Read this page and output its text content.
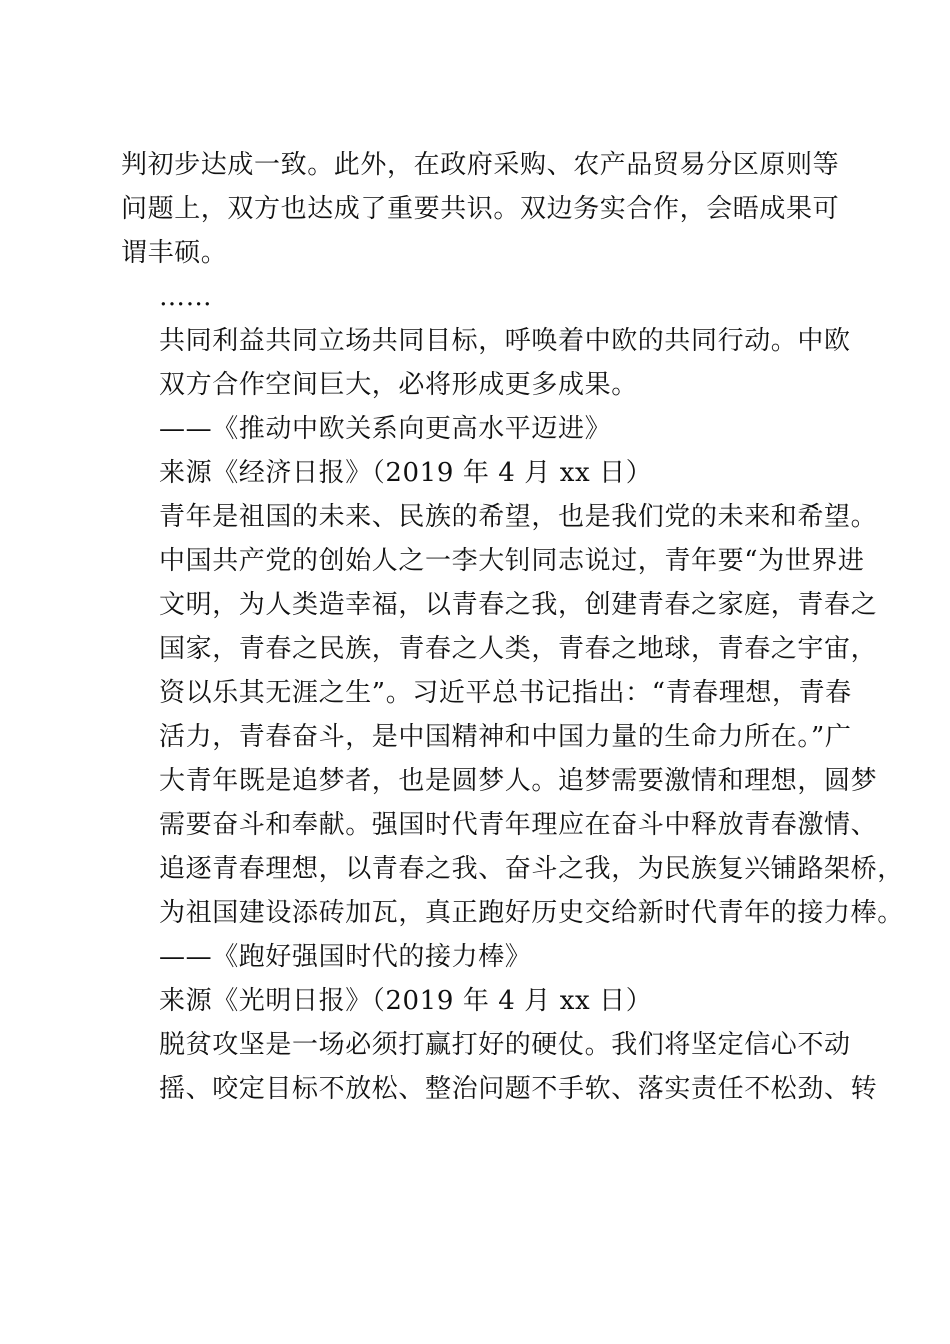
判初步达成一致。此外，在政府采购、农产品贸易分区原则等
问题上，双方也达成了重要共识。双边务实合作，会晤成果可
谓丰硕。

……

共同利益共同立场共同目标，呼唤着中欧的共同行动。中欧
双方合作空间巨大，必将形成更多成果。

——《推动中欧关系向更高水平迈进》

来源《经济日报》（2019 年 4 月 xx 日）

青年是祖国的未来、民族的希望，也是我们党的未来和希望。
中国共产党的创始人之一李大钊同志说过，青年要“为世界进
文明，为人类造幸福，以青春之我，创建青春之家庭，青春之
国家，青春之民族，青春之人类，青春之地球，青春之宇宙，
资以乐其无涯之生”。习近平总书记指出：“青春理想，青春
活力，青春奋斗，是中国精神和中国力量的生命力所在。”广
大青年既是追梦者，也是圆梦人。追梦需要激情和理想，圆梦
需要奋斗和奉献。强国时代青年理应在奋斗中释放青春激情、
追逐青春理想，以青春之我、奋斗之我，为民族复兴铺路架桥，
为祖国建设添砖加瓦，真正跑好历史交给新时代青年的接力棒。

——《跑好强国时代的接力棒》

来源《光明日报》（2019 年 4 月 xx 日）

脱贫攻坚是一场必须打赢打好的硬仗。我们将坚定信心不动
摇、咬定目标不放松、整治问题不手软、落实责任不松劲、转
